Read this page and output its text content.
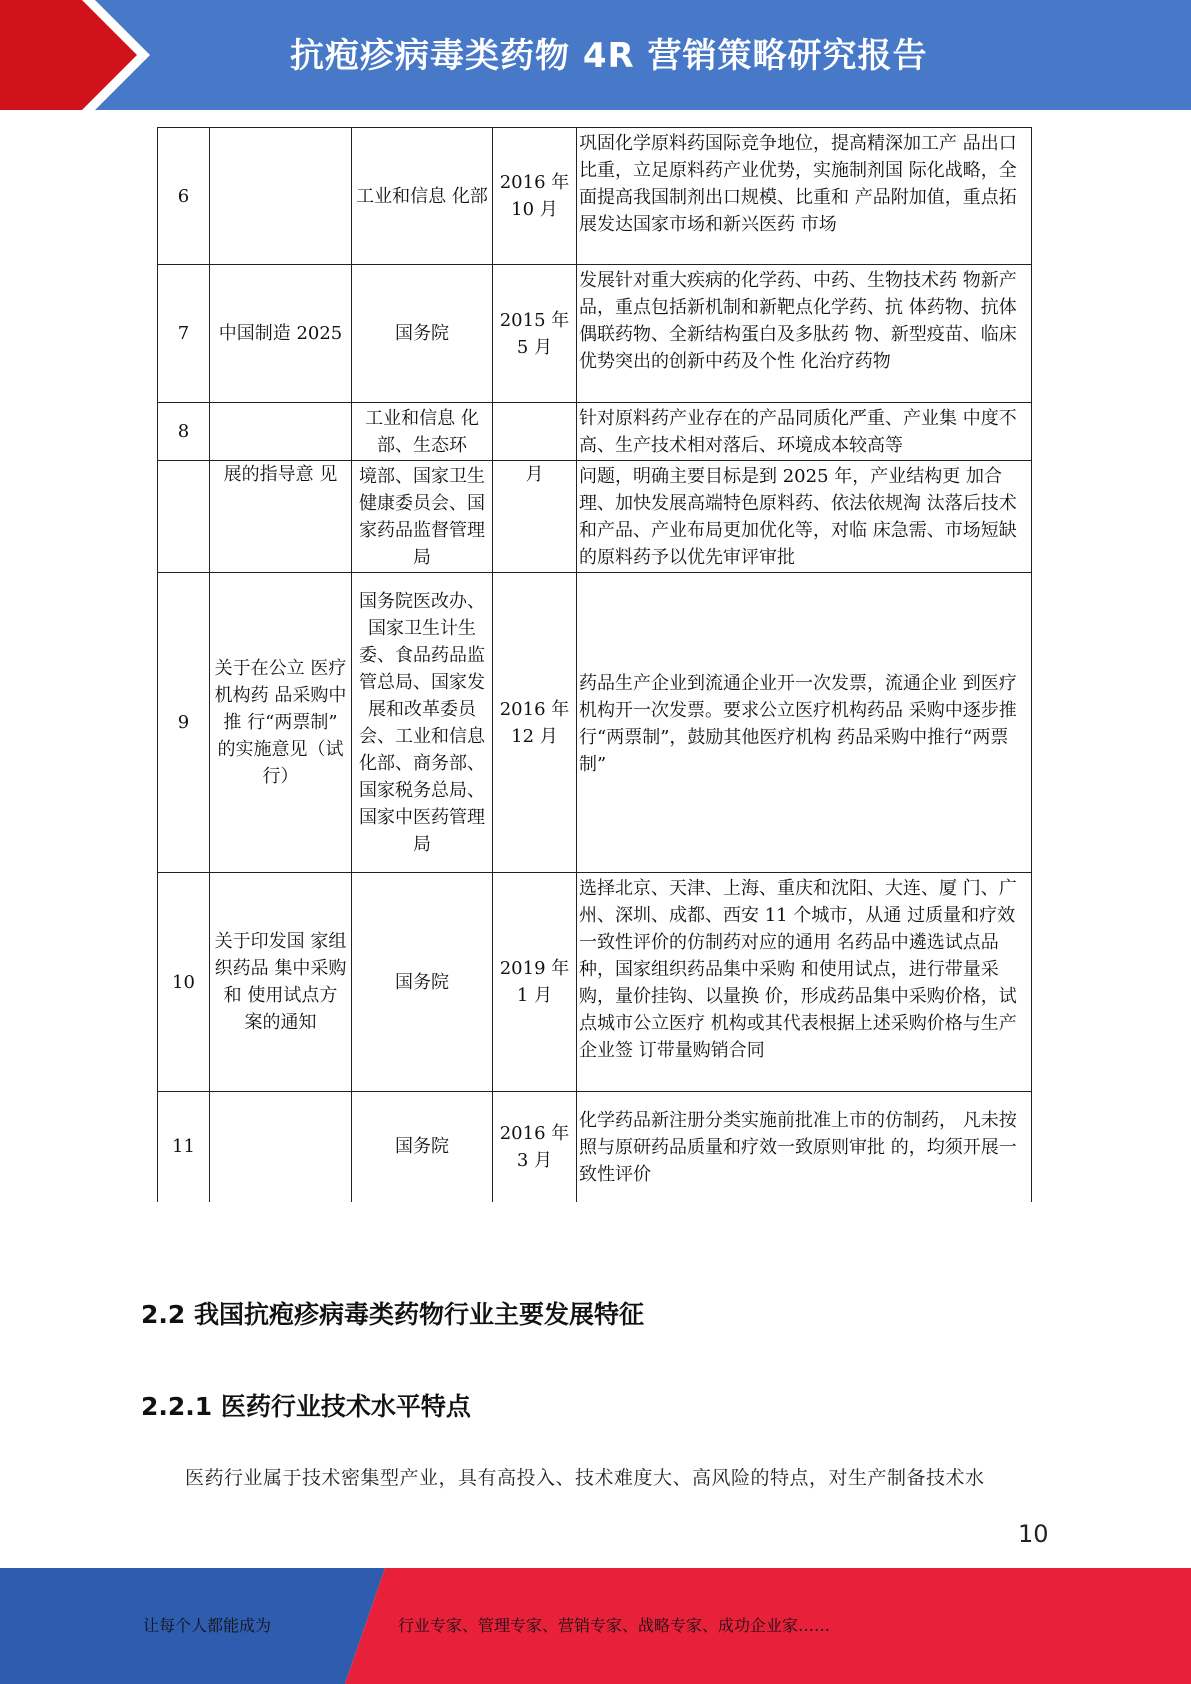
抗疱疹病毒类药物 4R 营销策略研究报告
6		工业和信息 化部	2016 年 10 月	巩固化学原料药国际竞争地位，提高精深加工产 品出口比重，立足原料药产业优势，实施制剂国 际化战略，全面提高我国制剂出口规模、比重和 产品附加值，重点拓展发达国家市场和新兴医药 市场
7	中国制造 2025	国务院	2015 年 5 月	发展针对重大疾病的化学药、中药、生物技术药 物新产品，重点包括新机制和新靶点化学药、抗 体药物、抗体偶联药物、全新结构蛋白及多肽药 物、新型疫苗、临床优势突出的创新中药及个性 化治疗药物
8		工业和信息 化部、生态环		针对原料药产业存在的产品同质化严重、产业集 中度不高、生产技术相对落后、环境成本较高等
	展的指导意 见	境部、国家卫生健康委员会、国家药品监督管理局	月	问题，明确主要目标是到 2025 年，产业结构更 加合理、加快发展高端特色原料药、依法依规淘 汰落后技术和产品、产业布局更加优化等，对临 床急需、市场短缺的原料药予以优先审评审批
9	关于在公立 医疗机构药 品采购中推 行“两票制” 的实施意见（试行）	国务院医改办、国家卫生计生委、食品药品监管总局、国家发展和改革委员会、工业和信息化部、商务部、国家税务总局、国家中医药管理局	2016 年 12 月	药品生产企业到流通企业开一次发票，流通企业 到医疗机构开一次发票。要求公立医疗机构药品 采购中逐步推行“两票制”，鼓励其他医疗机构 药品采购中推行“两票制”
10	关于印发国 家组织药品 集中采购和 使用试点方 案的通知	国务院	2019 年 1 月	选择北京、天津、上海、重庆和沈阳、大连、厦 门、广州、深圳、成都、西安 11 个城市，从通 过质量和疗效一致性评价的仿制药对应的通用 名药品中遴选试点品种，国家组织药品集中采购 和使用试点，进行带量采购，量价挂钩、以量换 价，形成药品集中采购价格，试点城市公立医疗 机构或其代表根据上述采购价格与生产企业签 订带量购销合同
11		国务院	2016 年 3 月	化学药品新注册分类实施前批准上市的仿制药， 凡未按照与原研药品质量和疗效一致原则审批 的，均须开展一致性评价
2.2 我国抗疱疹病毒类药物行业主要发展特征
2.2.1 医药行业技术水平特点
医药行业属于技术密集型产业，具有高投入、技术难度大、高风险的特点，对生产制备技术水
10
让每个人都能成为	行业专家、管理专家、营销专家、战略专家、成功企业家……
